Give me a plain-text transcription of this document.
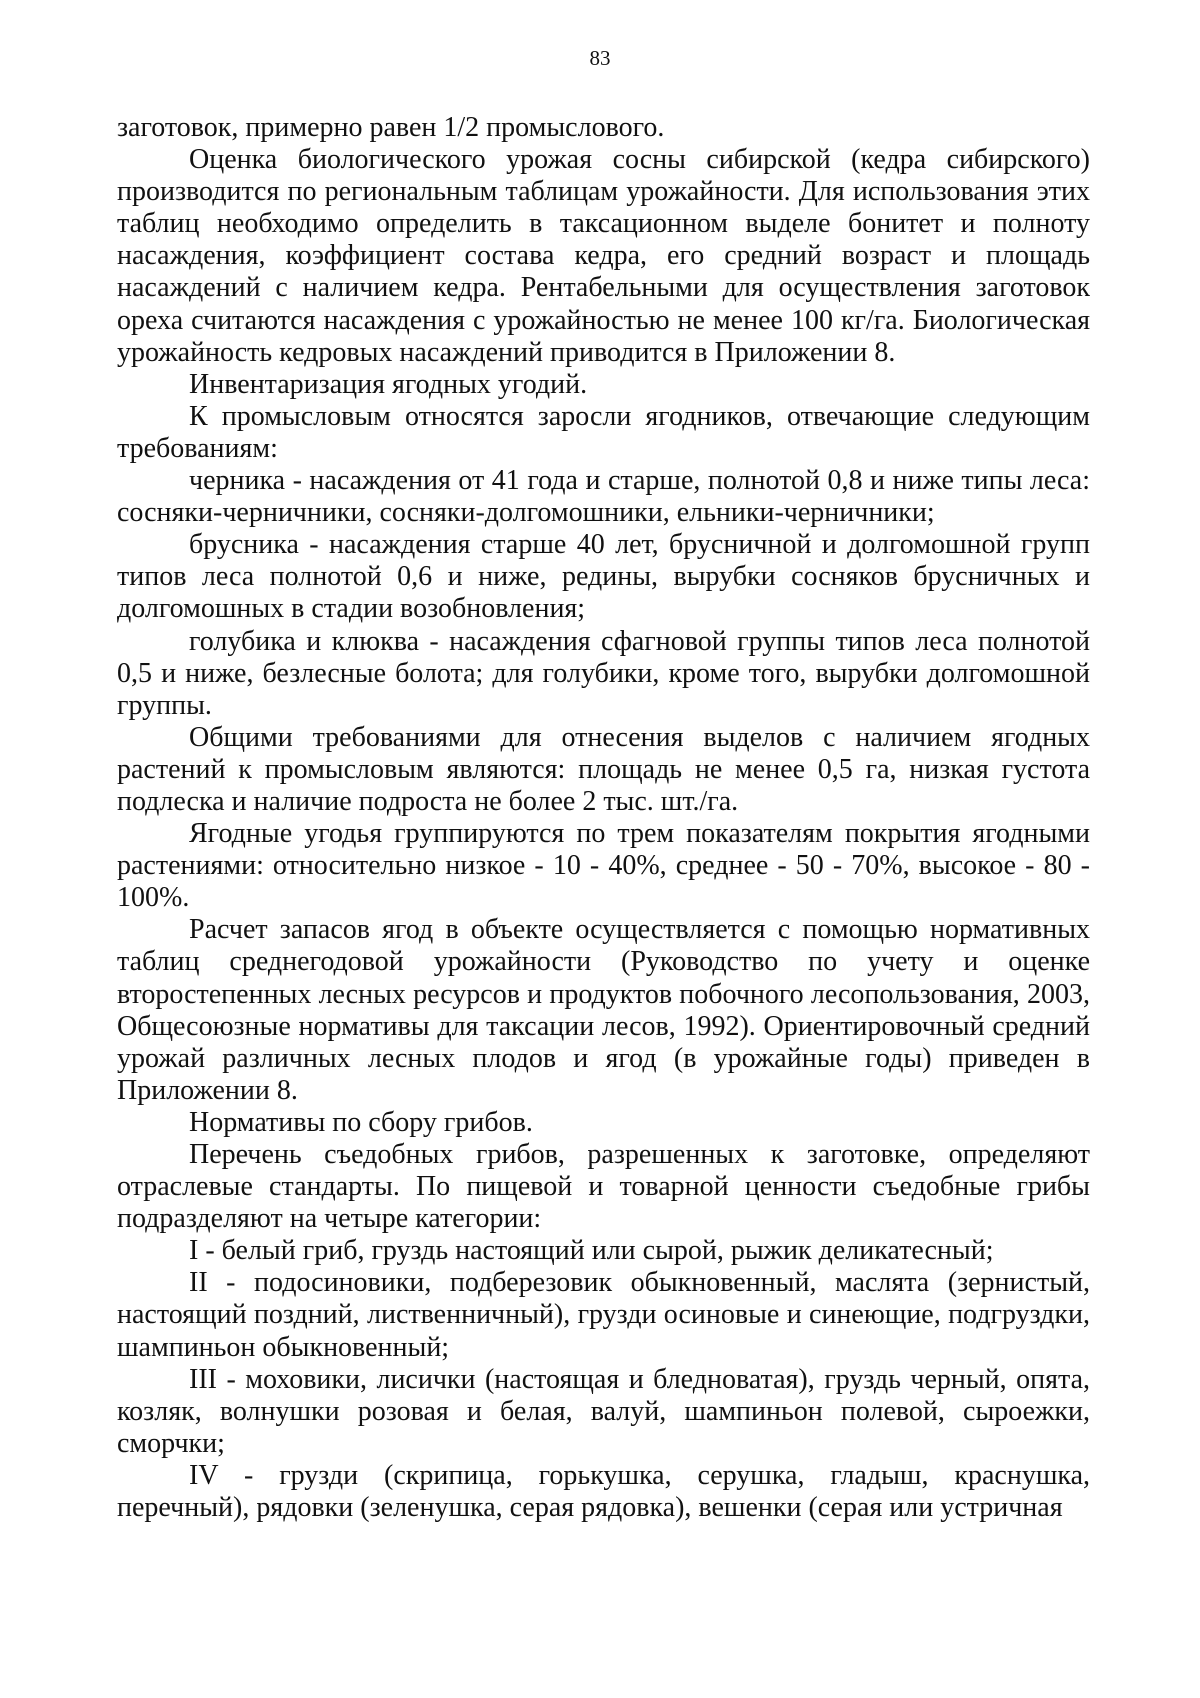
83

заготовок, примерно равен 1/2 промыслового.

Оценка биологического урожая сосны сибирской (кедра сибирского) производится по региональным таблицам урожайности. Для использования этих таблиц необходимо определить в таксационном выделе бонитет и полноту насаждения, коэффициент состава кедра, его средний возраст и площадь насаждений с наличием кедра. Рентабельными для осуществления заготовок ореха считаются насаждения с урожайностью не менее 100 кг/га. Биологическая урожайность кедровых насаждений приводится в Приложении 8.

Инвентаризация ягодных угодий.

К промысловым относятся заросли ягодников, отвечающие следующим требованиям:

черника - насаждения от 41 года и старше, полнотой 0,8 и ниже типы леса: сосняки-черничники, сосняки-долгомошники, ельники-черничники;

брусника - насаждения старше 40 лет, брусничной и долгомошной групп типов леса полнотой 0,6 и ниже, редины, вырубки сосняков брусничных и долгомошных в стадии возобновления;

голубика и клюква - насаждения сфагновой группы типов леса полнотой 0,5 и ниже, безлесные болота; для голубики, кроме того, вырубки долгомошной группы.

Общими требованиями для отнесения выделов с наличием ягодных растений к промысловым являются: площадь не менее 0,5 га, низкая густота подлеска и наличие подроста не более 2 тыс. шт./га.

Ягодные угодья группируются по трем показателям покрытия ягодными растениями: относительно низкое - 10 - 40%, среднее - 50 - 70%, высокое - 80 - 100%.

Расчет запасов ягод в объекте осуществляется с помощью нормативных таблиц среднегодовой урожайности (Руководство по учету и оценке второстепенных лесных ресурсов и продуктов побочного лесопользования, 2003, Общесоюзные нормативы для таксации лесов, 1992). Ориентировочный средний урожай различных лесных плодов и ягод (в урожайные годы) приведен в Приложении 8.

Нормативы по сбору грибов.

Перечень съедобных грибов, разрешенных к заготовке, определяют отраслевые стандарты. По пищевой и товарной ценности съедобные грибы подразделяют на четыре категории:

I - белый гриб, груздь настоящий или сырой, рыжик деликатесный;

II - подосиновики, подберезовик обыкновенный, маслята (зернистый, настоящий поздний, лиственничный), грузди осиновые и синеющие, подгруздки, шампиньон обыкновенный;

III - моховики, лисички (настоящая и бледноватая), груздь черный, опята, козляк, волнушки розовая и белая, валуй, шампиньон полевой, сыроежки, сморчки;

IV - грузди (скрипица, горькушка, серушка, гладыш, краснушка, перечный), рядовки (зеленушка, серая рядовка), вешенки (серая или устричная
